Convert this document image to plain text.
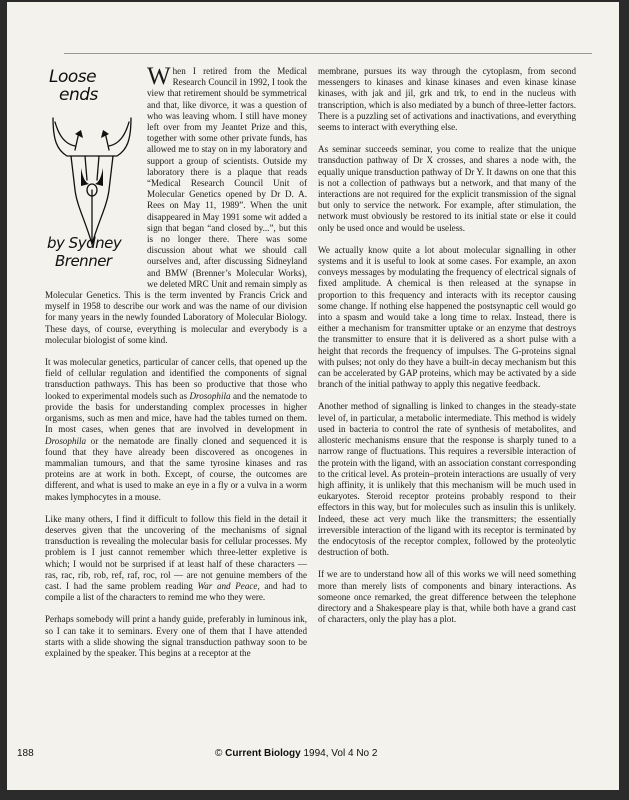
Loose
ends
by Sydney
Brenner

When I retired from the Medical Research Council in 1992, I took the view that retirement should be symmetrical and that, like divorce, it was a question of who was leaving whom. I still have money left over from my Jeantet Prize and this, together with some other private funds, has allowed me to stay on in my laboratory and support a group of scientists. Outside my laboratory there is a plaque that reads “Medical Research Council Unit of Molecular Genetics opened by Dr D. A. Rees on May 11, 1989”. When the unit disappeared in May 1991 some wit added a sign that began “and closed by...”, but this is no longer there. There was some discussion about what we should call ourselves and, after discussing Sidneyland and BMW (Brenner’s Molecular Works), we deleted MRC Unit and remain simply as Molecular Genetics. This is the term invented by Francis Crick and myself in 1958 to describe our work and was the name of our division for many years in the newly founded Laboratory of Molecular Biology. These days, of course, everything is molecular and everybody is a molecular biologist of some kind.

It was molecular genetics, particular of cancer cells, that opened up the field of cellular regulation and identified the components of signal transduction pathways. This has been so productive that those who looked to experimental models such as Drosophila and the nematode to provide the basis for understanding complex processes in higher organisms, such as men and mice, have had the tables turned on them. In most cases, when genes that are involved in development in Drosophila or the nematode are finally cloned and sequenced it is found that they have already been discovered as oncogenes in mammalian tumours, and that the same tyrosine kinases and ras proteins are at work in both. Except, of course, the outcomes are different, and what is used to make an eye in a fly or a vulva in a worm makes lymphocytes in a mouse.

Like many others, I find it difficult to follow this field in the detail it deserves given that the uncovering of the mechanisms of signal transduction is revealing the molecular basis for cellular processes. My problem is I just cannot remember which three-letter expletive is which; I would not be surprised if at least half of these characters — ras, rac, rib, rob, ref, raf, roc, rol — are not genuine members of the cast. I had the same problem reading War and Peace, and had to compile a list of the characters to remind me who they were.

Perhaps somebody will print a handy guide, preferably in luminous ink, so I can take it to seminars. Every one of them that I have attended starts with a slide showing the signal transduction pathway soon to be explained by the speaker. This begins at a receptor at the

membrane, pursues its way through the cytoplasm, from second messengers to kinases and kinase kinases and even kinase kinase kinases, with jak and jil, grk and trk, to end in the nucleus with transcription, which is also mediated by a bunch of three-letter factors. There is a puzzling set of activations and inactivations, and everything seems to interact with everything else.

As seminar succeeds seminar, you come to realize that the unique transduction pathway of Dr X crosses, and shares a node with, the equally unique transduction pathway of Dr Y. It dawns on one that this is not a collection of pathways but a network, and that many of the interactions are not required for the explicit transmission of the signal but only to service the network. For example, after stimulation, the network must obviously be restored to its initial state or else it could only be used once and would be useless.

We actually know quite a lot about molecular signalling in other systems and it is useful to look at some cases. For example, an axon conveys messages by modulating the frequency of electrical signals of fixed amplitude. A chemical is then released at the synapse in proportion to this frequency and interacts with its receptor causing some change. If nothing else happened the postsynaptic cell would go into a spasm and would take a long time to relax. Instead, there is either a mechanism for transmitter uptake or an enzyme that destroys the transmitter to ensure that it is delivered as a short pulse with a height that records the frequency of impulses. The G-proteins signal with pulses; not only do they have a built-in decay mechanism but this can be accelerated by GAP proteins, which may be activated by a side branch of the initial pathway to apply this negative feedback.

Another method of signalling is linked to changes in the steady-state level of, in particular, a metabolic intermediate. This method is widely used in bacteria to control the rate of synthesis of metabolites, and allosteric mechanisms ensure that the response is sharply tuned to a narrow range of fluctuations. This requires a reversible interaction of the protein with the ligand, with an association constant corresponding to the critical level. As protein–protein interactions are usually of very high affinity, it is unlikely that this mechanism will be much used in eukaryotes. Steroid receptor proteins probably respond to their effectors in this way, but for molecules such as insulin this is unlikely. Indeed, these act very much like the transmitters; the essentially irreversible interaction of the ligand with its receptor is terminated by the endocytosis of the receptor complex, followed by the proteolytic destruction of both.

If we are to understand how all of this works we will need something more than merely lists of components and binary interactions. As someone once remarked, the great difference between the telephone directory and a Shakespeare play is that, while both have a grand cast of characters, only the play has a plot.

188	© Current Biology 1994, Vol 4 No 2
